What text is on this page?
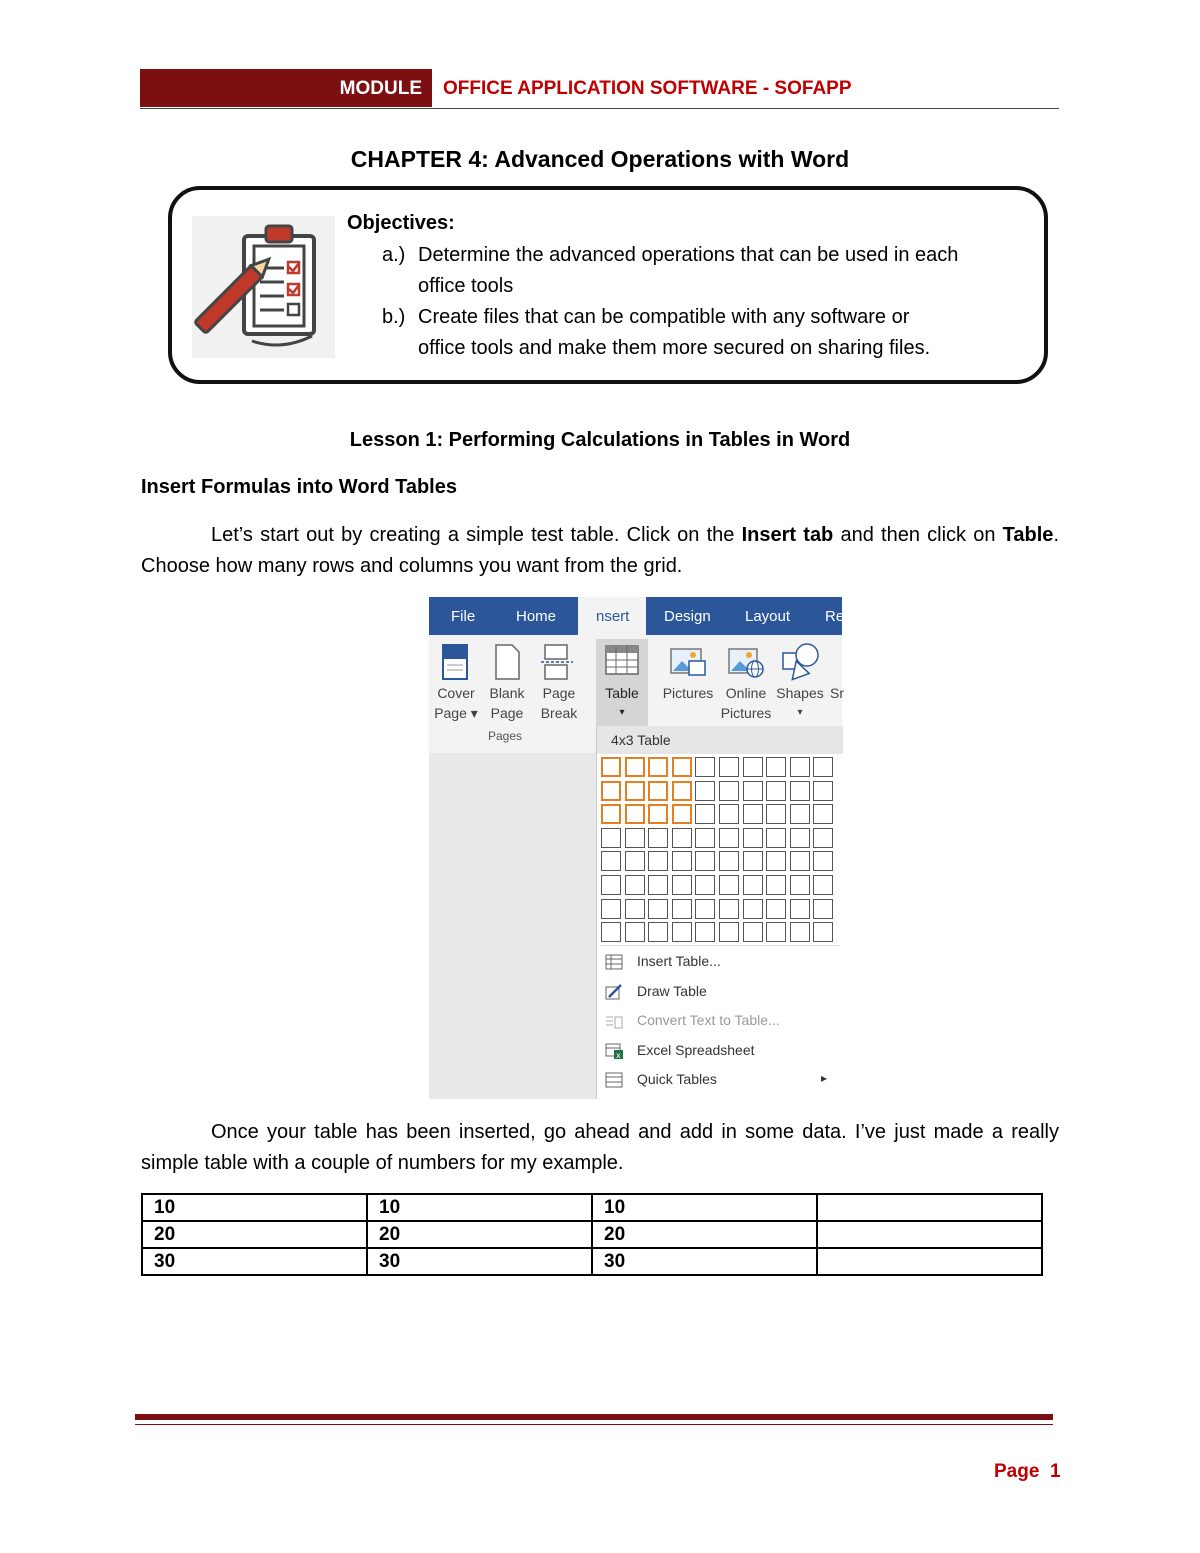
MODULE	OFFICE APPLICATION SOFTWARE - SOFAPP
CHAPTER 4: Advanced Operations with Word
Objectives:
a.) Determine the advanced operations that can be used in each
office tools
b.) Create files that can be compatible with any software or
office tools and make them more secured on sharing files.
Lesson 1: Performing Calculations in Tables in Word
Insert Formulas into Word Tables
Let’s start out by creating a simple test table. Click on the Insert tab and then click on Table. Choose how many rows and columns you want from the grid.
File	Home	nsert	Design Layout Re
Cover
Page ▾
Blank
Page
Page
Break
Pages
Table
▾
Pictures Online
Pictures
Shapes
▾
Sr
4x3 Table
Insert Table...
Draw Table
Convert Text to Table...
x Excel Spreadsheet
Quick Tables	▸
Once your table has been inserted, go ahead and add in some data. I’ve just made a really simple table with a couple of numbers for my example.
10	10	10	
20	20	20	
30	30	30	
Page 1
